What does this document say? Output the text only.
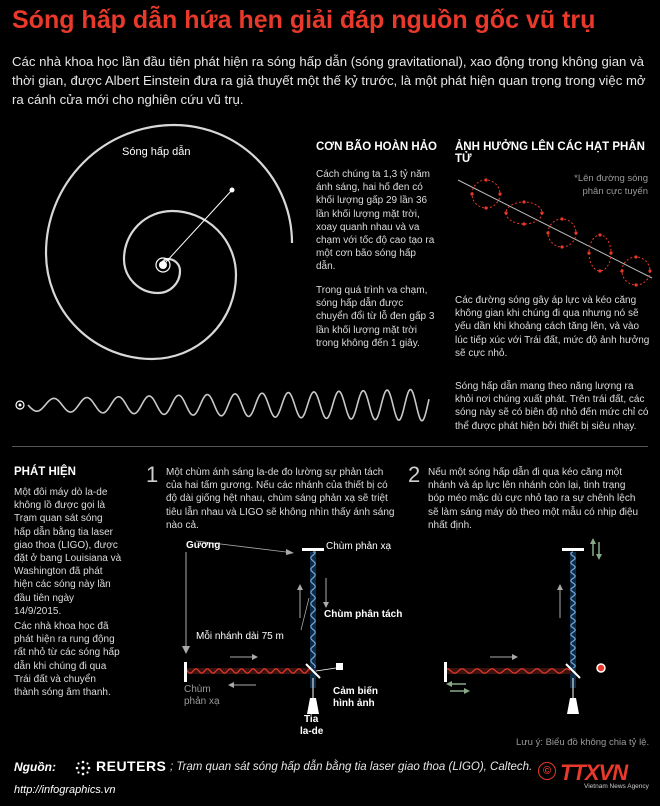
Sóng hấp dẫn hứa hẹn giải đáp nguồn gốc vũ trụ
Các nhà khoa học lần đầu tiên phát hiện ra sóng hấp dẫn (sóng gravitational), xao động trong không gian và thời gian, được Albert Einstein đưa ra giả thuyết một thế kỷ trước, là một phát hiện quan trọng trong việc mở ra cánh cửa mới cho nghiên cứu vũ trụ.
Sóng hấp dẫn	CƠN BÃO HOÀN HẢO
Cách chúng ta 1,3 tỷ năm ánh sáng, hai hố đen có khối lượng gấp 29 lần 36 lần khối lượng mặt trời, xoay quanh nhau và va chạm với tốc độ cao tạo ra một cơn bão sóng hấp dẫn.
Trong quá trình va chạm, sóng hấp dẫn được chuyển đổi từ lỗ đen gấp 3 lần khối lượng mặt trời trong không đến 1 giây.
ẢNH HƯỞNG LÊN CÁC HẠT PHÂN TỬ
*Lên đường sóng phân cực tuyến
Các đường sóng gây áp lực và kéo căng không gian khi chúng đi qua nhưng nó sẽ yếu dần khi khoảng cách tăng lên, và vào lúc tiếp xúc với Trái đất, mức độ ảnh hưởng sẽ cực nhỏ.
Sóng hấp dẫn mang theo năng lượng ra khỏi nơi chúng xuất phát. Trên trái đất, các sóng này sẽ có biên độ nhỏ đến mức chỉ có thể được phát hiện bởi thiết bị siêu nhạy.
PHÁT HIỆN
Một đôi máy dò la-de không lồ được gọi là Trạm quan sát sóng hấp dẫn bằng tia laser giao thoa (LIGO), được đặt ở bang Louisiana và Washington đã phát hiện các sóng này lần đầu tiên ngày 14/9/2015.
Các nhà khoa học đã phát hiện ra rung động rất nhỏ từ các sóng hấp dẫn khi chúng đi qua Trái đất và chuyển thành sóng âm thanh.
1 Một chùm ánh sáng la-de đo lường sự phản tách của hai tấm gương. Nếu các nhánh của thiết bị có độ dài giống hệt nhau, chùm sáng phản xạ sẽ triệt tiêu lẫn nhau và LIGO sẽ không nhìn thấy ánh sáng nào cả.
Gương	Chùm phản xạ
Mỗi nhánh dài 75 m
Chùm phân tách
Chùm
phản xạ
Cảm biến
hình ảnh
Tia
la-de
2 Nếu một sóng hấp dẫn đi qua kéo căng một nhánh và áp lực lên nhánh còn lại, tinh trạng bóp méo mặc dù cực nhỏ tạo ra sự chênh lệch sẽ làm sáng máy dò theo một mẫu có nhịp điệu nhất định.
Lưu ý: Biểu đồ không chia tỷ lệ.
Nguồn:	REUTERS ; Trạm quan sát sóng hấp dẫn bằng tia laser giao thoa (LIGO), Caltech.
http://infographics.vn
© TTXVN
Vietnam News Agency
